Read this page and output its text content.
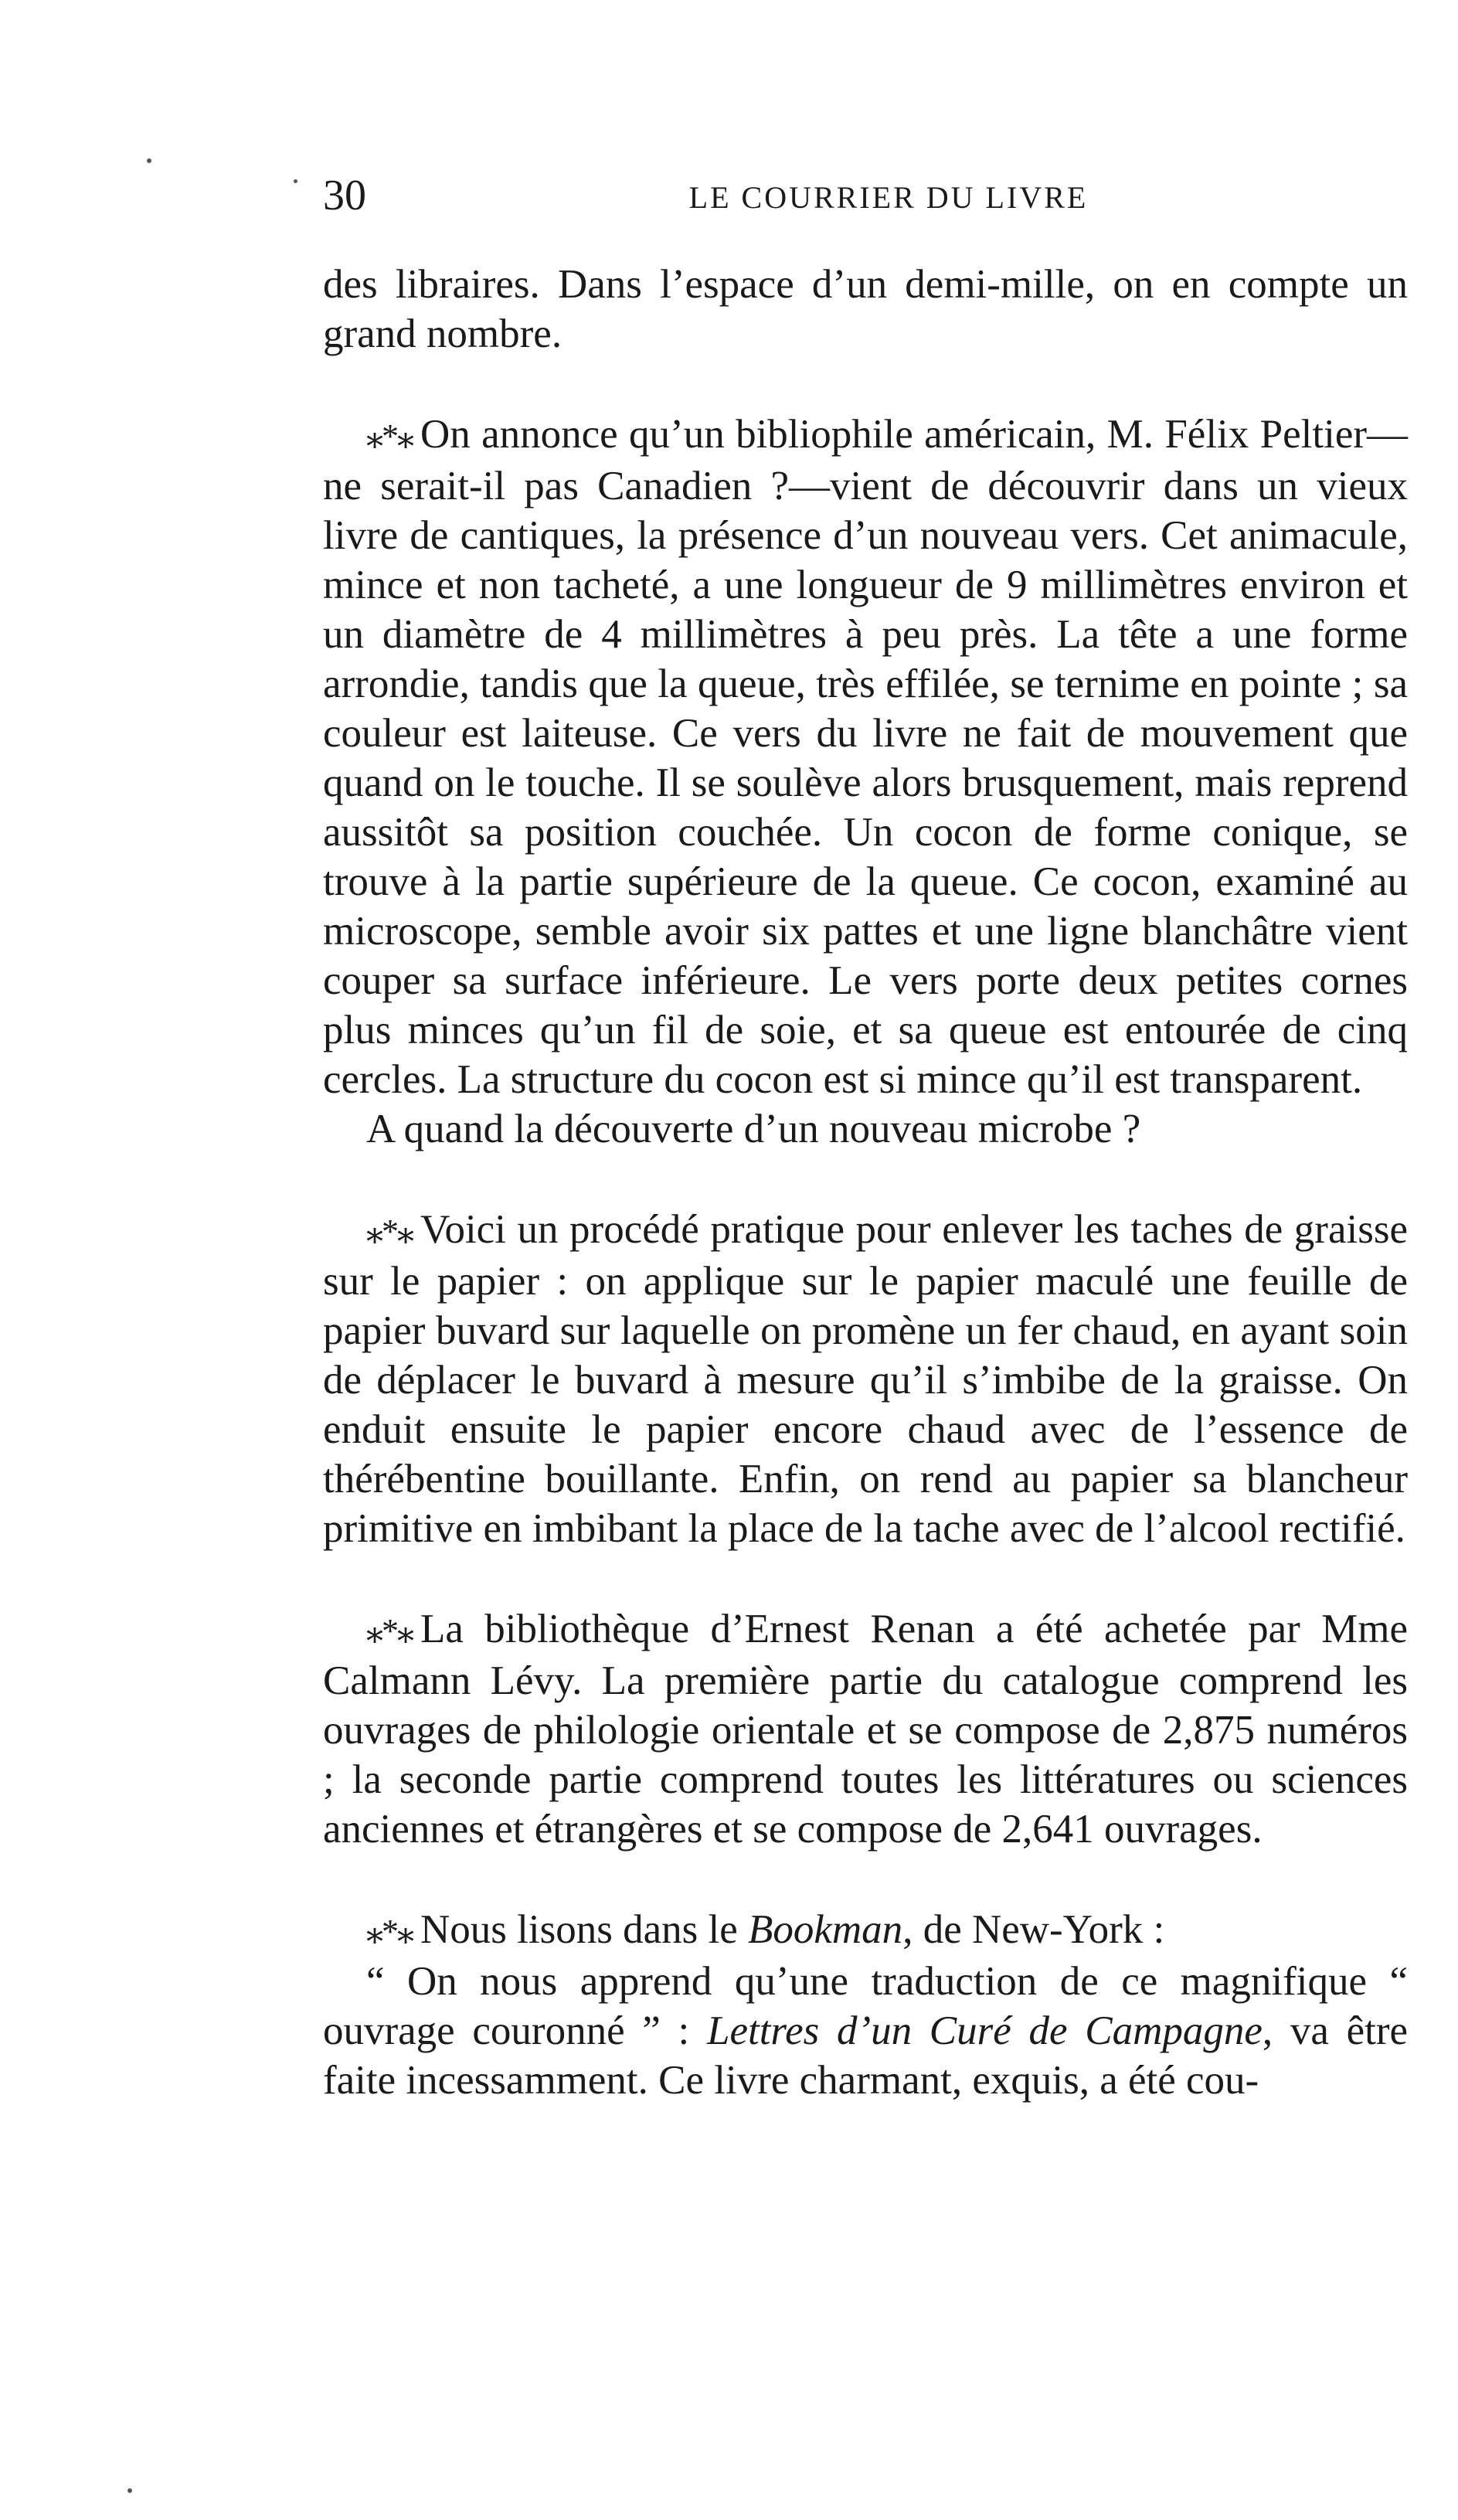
30	LE COURRIER DU LIVRE

des libraires. Dans l’espace d’un demi-mille, on en compte un grand nombre.

⁎*⁎ On annonce qu’un bibliophile américain, M. Félix Peltier—ne serait-il pas Canadien ?—vient de découvrir dans un vieux livre de cantiques, la présence d’un nouveau vers. Cet animacule, mince et non tacheté, a une longueur de 9 millimètres environ et un diamètre de 4 millimètres à peu près. La tête a une forme arrondie, tandis que la queue, très effilée, se ternime en pointe ; sa couleur est laiteuse. Ce vers du livre ne fait de mouvement que quand on le touche. Il se soulève alors brusquement, mais reprend aussitôt sa position couchée. Un cocon de forme conique, se trouve à la partie supérieure de la queue. Ce cocon, examiné au microscope, semble avoir six pattes et une ligne blanchâtre vient couper sa surface inférieure. Le vers porte deux petites cornes plus minces qu’un fil de soie, et sa queue est entourée de cinq cercles. La structure du cocon est si mince qu’il est transparent.

A quand la découverte d’un nouveau microbe ?

⁎*⁎ Voici un procédé pratique pour enlever les taches de graisse sur le papier : on applique sur le papier maculé une feuille de papier buvard sur laquelle on promène un fer chaud, en ayant soin de déplacer le buvard à mesure qu’il s’imbibe de la graisse. On enduit ensuite le papier encore chaud avec de l’essence de thérébentine bouillante. Enfin, on rend au papier sa blancheur primitive en imbibant la place de la tache avec de l’alcool rectifié.

⁎*⁎ La bibliothèque d’Ernest Renan a été achetée par Mme Calmann Lévy. La première partie du catalogue comprend les ouvrages de philologie orientale et se compose de 2,875 numéros ; la seconde partie comprend toutes les littératures ou sciences anciennes et étrangères et se compose de 2,641 ouvrages.

⁎*⁎ Nous lisons dans le Bookman, de New-York :

“ On nous apprend qu’une traduction de ce magnifique “ ouvrage couronné ” : Lettres d’un Curé de Campagne, va être faite incessamment. Ce livre charmant, exquis, a été cou-
